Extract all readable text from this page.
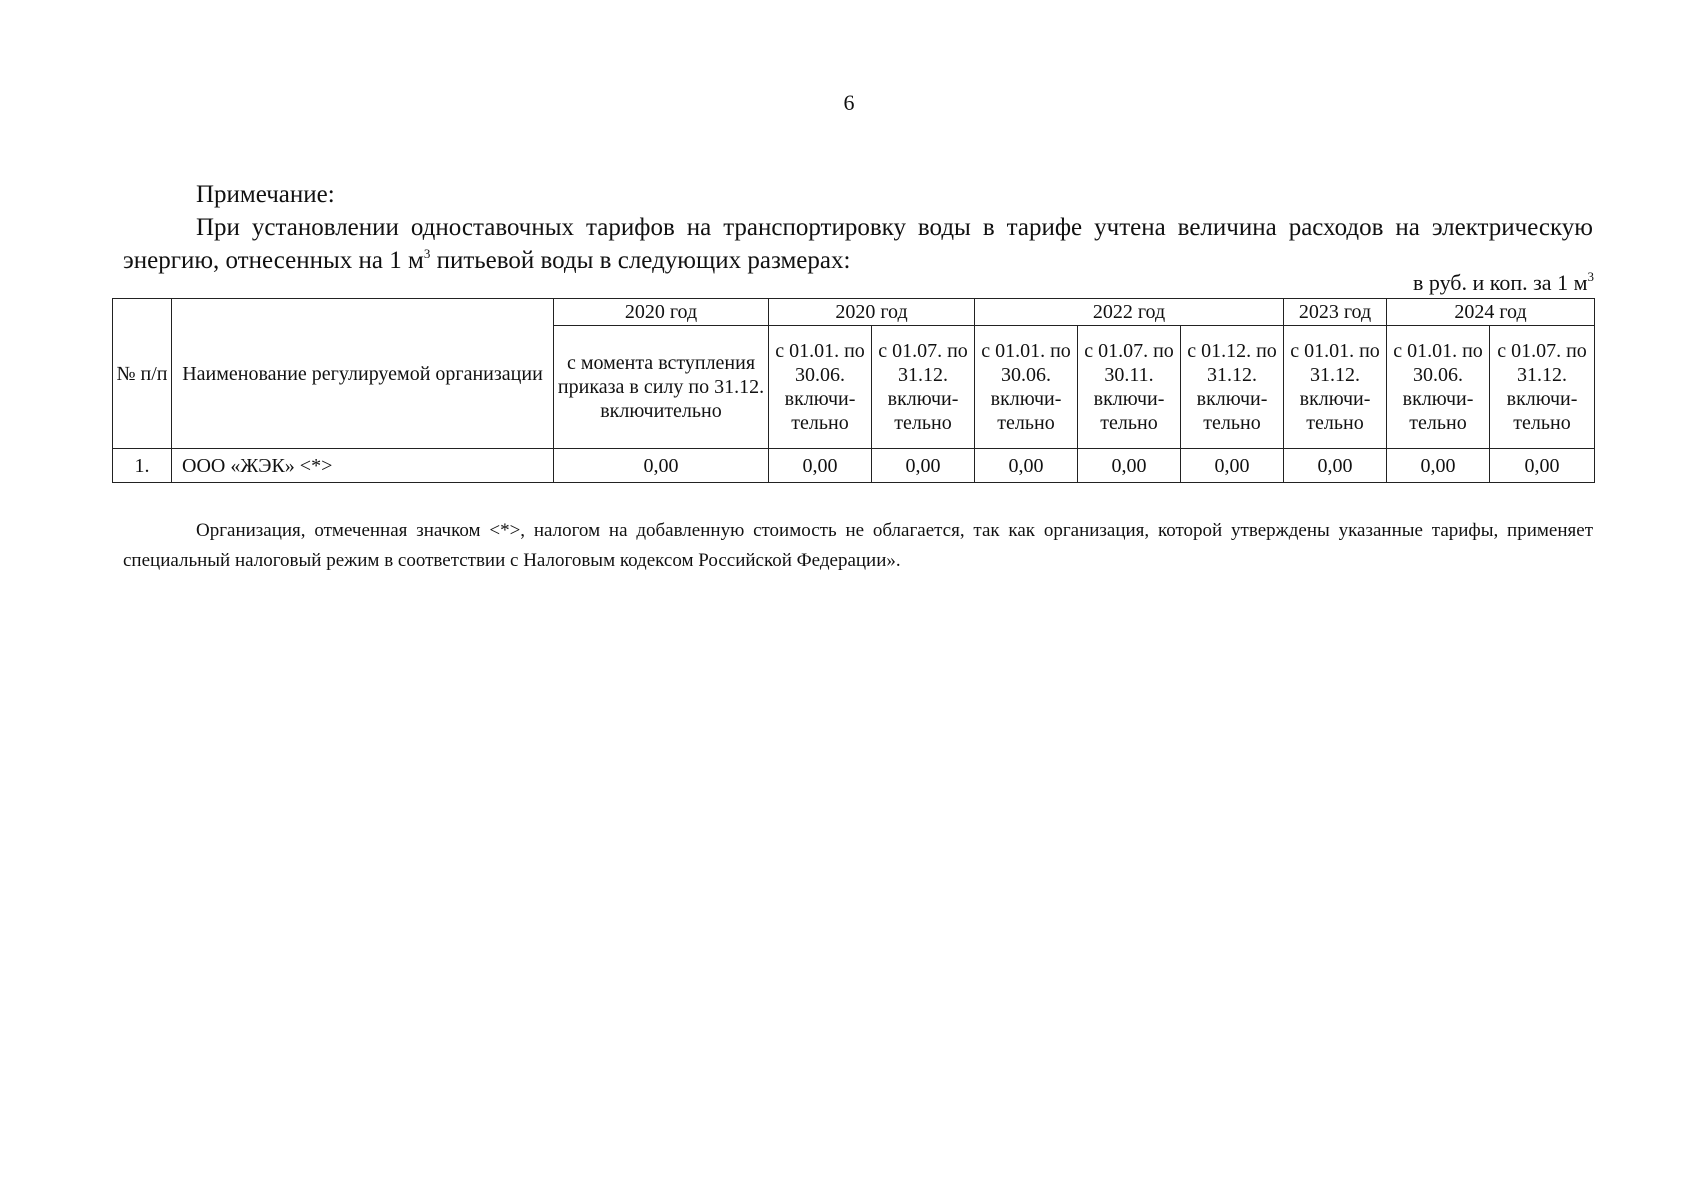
6
Примечание:
При установлении одноставочных тарифов на транспортировку воды в тарифе учтена величина расходов на электрическую энергию, отнесенных на 1 $м^3$ питьевой воды в следующих размерах:
в руб. и коп. за 1 $м^3$
№ п/п	Наименование регулируемой организации	2020 год	2020 год		2022 год			2023 год	2024 год	
		с момента вступления приказа в силу по 31.12. включительно	с 01.01. по 30.06. включи-тельно	с 01.07. по 31.12. включи-тельно	с 01.01. по 30.06. включи-тельно	с 01.07. по 30.11. включи-тельно	с 01.12. по 31.12. включи-тельно	с 01.01. по 31.12. включи-тельно	с 01.01. по 30.06. включи-тельно	с 01.07. по 31.12. включи-тельно
1.	ООО «ЖЭК» <*>	0,00	0,00	0,00	0,00	0,00	0,00	0,00	0,00	0,00
Организация, отмеченная значком <*>, налогом на добавленную стоимость не облагается, так как организация, которой утверждены указанные тарифы, применяет специальный налоговый режим в соответствии с Налоговым кодексом Российской Федерации».
